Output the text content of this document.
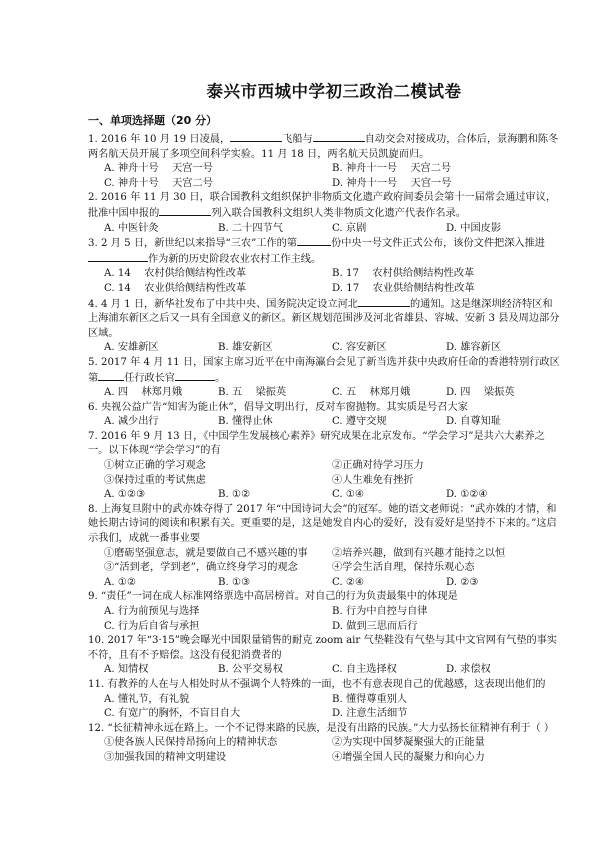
泰兴市西城中学初三政治二模试卷
一、单项选择题（20 分）
1. 2016 年 10 月 19 日凌晨，	飞船与	自动交会对接成功，合体后，景海鹏和陈冬两名航天员开展了多项空间科学实验。11 月 18 日，两名航天员凯旋而归。
A. 神舟十号　 天宫一号	B. 神舟十一号　 天宫二号
C. 神舟十号　 天宫二号	D. 神舟十一号　 天宫一号
2. 2016 年 11 月 30 日，联合国教科文组织保护非物质文化遗产政府间委员会第十一届常会通过审议，批准中国申报的	列入联合国教科文组织人类非物质文化遗产代表作名录。
A. 中医针灸	B. 二十四节气	C. 京剧	D. 中国皮影
3. 2 月 5 日，新世纪以来指导“三农”工作的第	份中央一号文件正式公布，该份文件把深入推进作为新的历史阶段农业农村工作主线。
A. 14　 农村供给侧结构性改革	B. 17　 农村供给侧结构性改革
C. 14　 农业供给侧结构性改革	D. 17　 农业供给侧结构性改革
4. 4 月 1 日，新华社发布了中共中央、国务院决定设立河北	的通知。这是继深圳经济特区和上海浦东新区之后又一具有全国意义的新区。新区规划范围涉及河北省雄县、容城、安新 3 县及周边部分区域。
A. 安雄新区	B. 雄安新区	C. 容安新区	D. 雄容新区
5. 2017 年 4 月 11 日，国家主席习近平在中南海瀛台会见了新当选并获中央政府任命的香港特别行政区第	任行政长官	。
A. 四　 林郑月娥	B. 五　 梁振英	C. 五　 林郑月娥	D. 四　 梁振英
6. 央视公益广告“知害为能止休”，倡导文明出行，反对车窗抛物。其实质是号召大家
A. 减少出行	B. 懂得止休	C. 遵守交规	D. 自尊知耻
7. 2016 年 9 月 13 日，《中国学生发展核心素养》研究成果在北京发布。“学会学习”是共六大素养之一。以下体现“学会学习”的有
①树立正确的学习观念	②正确对待学习压力
③保持过重的考试焦虑	④人生难免有挫折
A. ①②③	B. ①②	C. ①④	D. ①②④
8. 上海复旦附中的武亦姝夺得了 2017 年“中国诗词大会”的冠军。她的语文老师说：“武亦姝的才情，和她长期古诗词的阅读和积累有关。更重要的是，这是她发自内心的爱好，没有爱好是坚持不下来的。”这启示我们，成就一番事业要
①磨砺坚强意志，就是要做自己不感兴趣的事	②培养兴趣，做到有兴趣才能持之以恒
③“活到老，学到老”，确立终身学习的观念	④学会生活自理，保持乐观心态
A. ①②	B. ①③	C. ②④	D. ②③
9. “责任”一词在成人标准网络票选中高居榜首。对自己的行为负责最集中的体现是
A. 行为前预见与选择	B. 行为中自控与自律
C. 行为后自省与承担	D. 做到三思而后行
10. 2017 年“3·15”晚会曝光中国限量销售的耐克 zoom air 气垫鞋没有气垫与其中文官网有气垫的事实不符，且有不予赔偿。这没有侵犯消费者的
A. 知情权	B. 公平交易权	C. 自主选择权	D. 求偿权
11. 有教养的人在与人相处时从不强调个人特殊的一面，也不有意表现自己的优越感，这表现出他们的
A. 懂礼节，有礼貌	B. 懂得尊重别人
C. 有宽广的胸怀，不盲目自大	D. 注意生活细节
12. “长征精神永远在路上。一个不记得来路的民族，是没有出路的民族。”大力弘扬长征精神有利于（ ）
①使各族人民保持昂扬向上的精神状态	②为实现中国梦凝聚强大的正能量
③加强我国的精神文明建设	④增强全国人民的凝聚力和向心力
